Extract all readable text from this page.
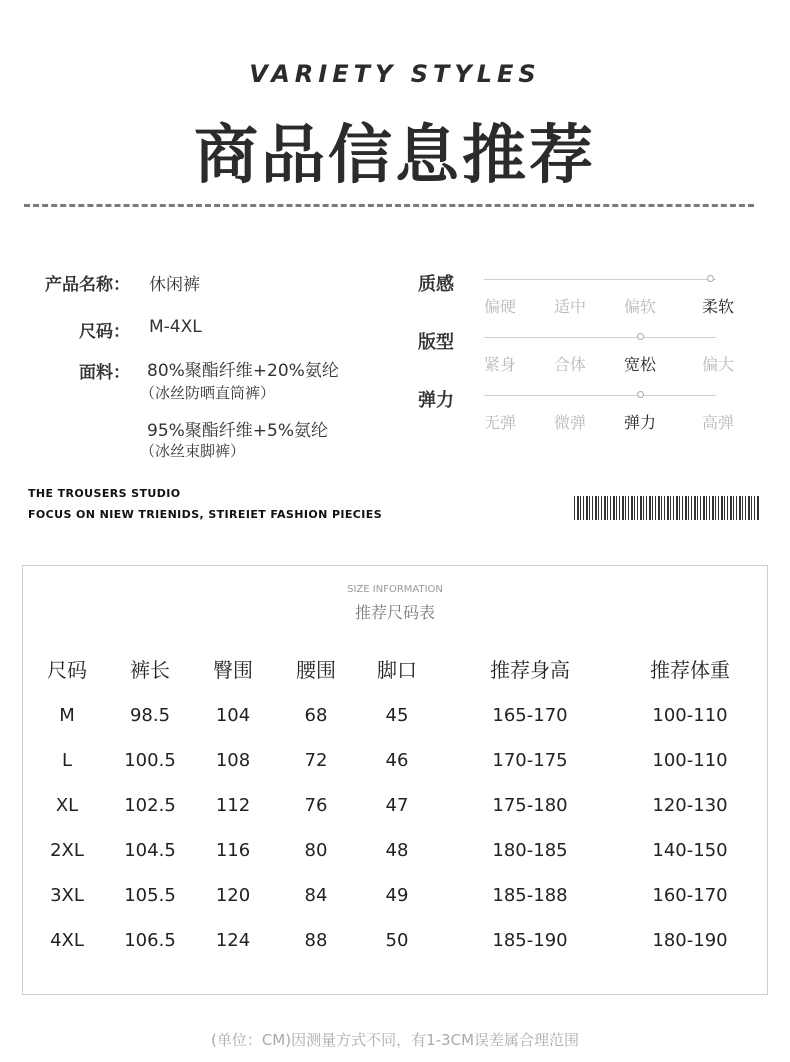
VARIETY STYLES
商品信息推荐
产品名称： 休闲裤
尺码： M-4XL
面料： 80%聚酯纤维+20%氨纶
（冰丝防晒直筒裤）
95%聚酯纤维+5%氨纶
（冰丝束脚裤）
质感
偏硬	适中	偏软	柔软
版型
紧身	合体	宽松	偏大
弹力
无弹	微弹	弹力	高弹
THE TROUSERS STUDIO
FOCUS ON NIEW TRIENIDS, STIREIET FASHION PIECIES
SIZE INFORMATION
推荐尺码表
尺码	裤长	臀围	腰围	脚口	推荐身高	推荐体重
M	98.5	104	68	45	165-170	100-110
L	100.5	108	72	46	170-175	100-110
XL	102.5	112	76	47	175-180	120-130
2XL	104.5	116	80	48	180-185	140-150
3XL	105.5	120	84	49	185-188	160-170
4XL	106.5	124	88	50	185-190	180-190
(单位：CM)因测量方式不同，有1-3CM误差属合理范围
